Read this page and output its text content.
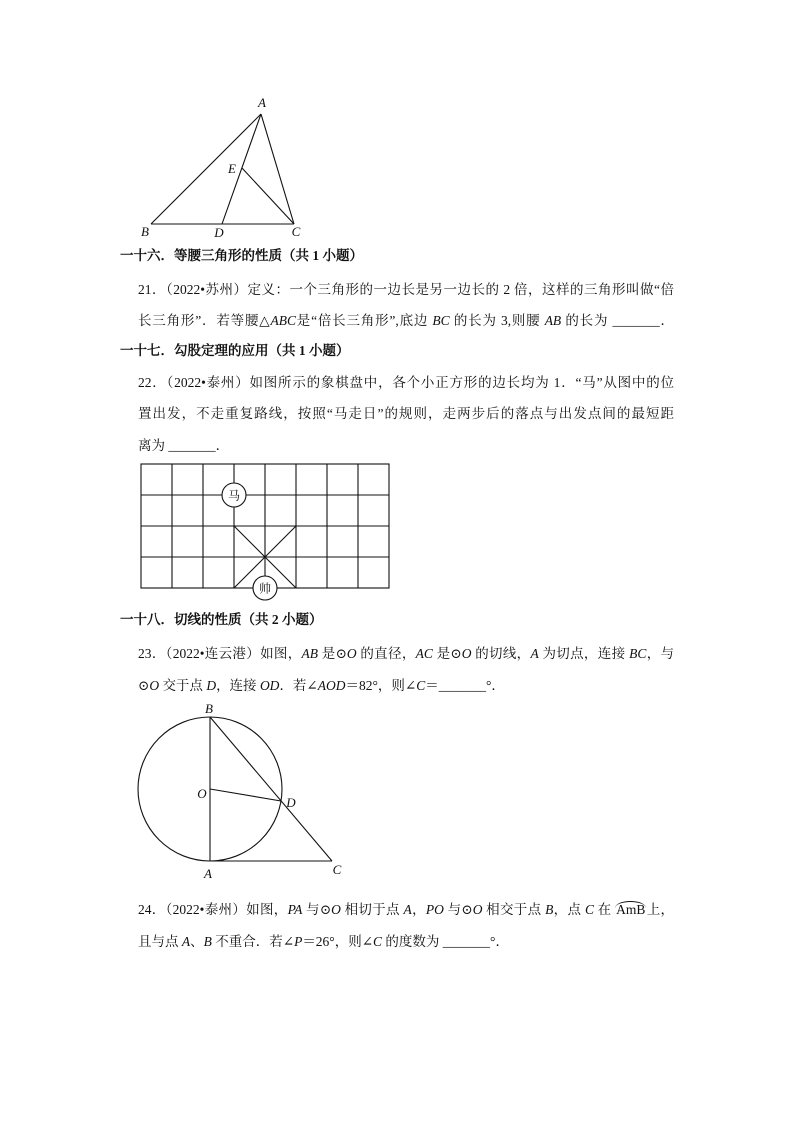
A
E
B	D	C
一十六．等腰三角形的性质（共 1 小题）
21．（2022•苏州）定义：一个三角形的一边长是另一边长的 2 倍，这样的三角形叫做“倍
长三角形”．若等腰△ABC是“倍长三角形”,底边 BC 的长为 3,则腰 AB 的长为 _______．
一十七．勾股定理的应用（共 1 小题）
22．（2022•泰州）如图所示的象棋盘中，各个小正方形的边长均为 1．“马”从图中的位
置出发，不走重复路线，按照“马走日”的规则，走两步后的落点与出发点间的最短距
离为 _______．
马
帅
一十八．切线的性质（共 2 小题）
23．（2022•连云港）如图，AB 是⊙O 的直径，AC 是⊙O 的切线，A 为切点，连接 BC，与
⊙O 交于点 D，连接 OD．若∠AOD＝82°，则∠C＝_______°．
B
O
D
A	C
24．（2022•泰州）如图，PA 与⊙O 相切于点 A，PO 与⊙O 相交于点 B，点 C 在 AmB上，
且与点 A、B 不重合．若∠P＝26°，则∠C 的度数为 _______°．
